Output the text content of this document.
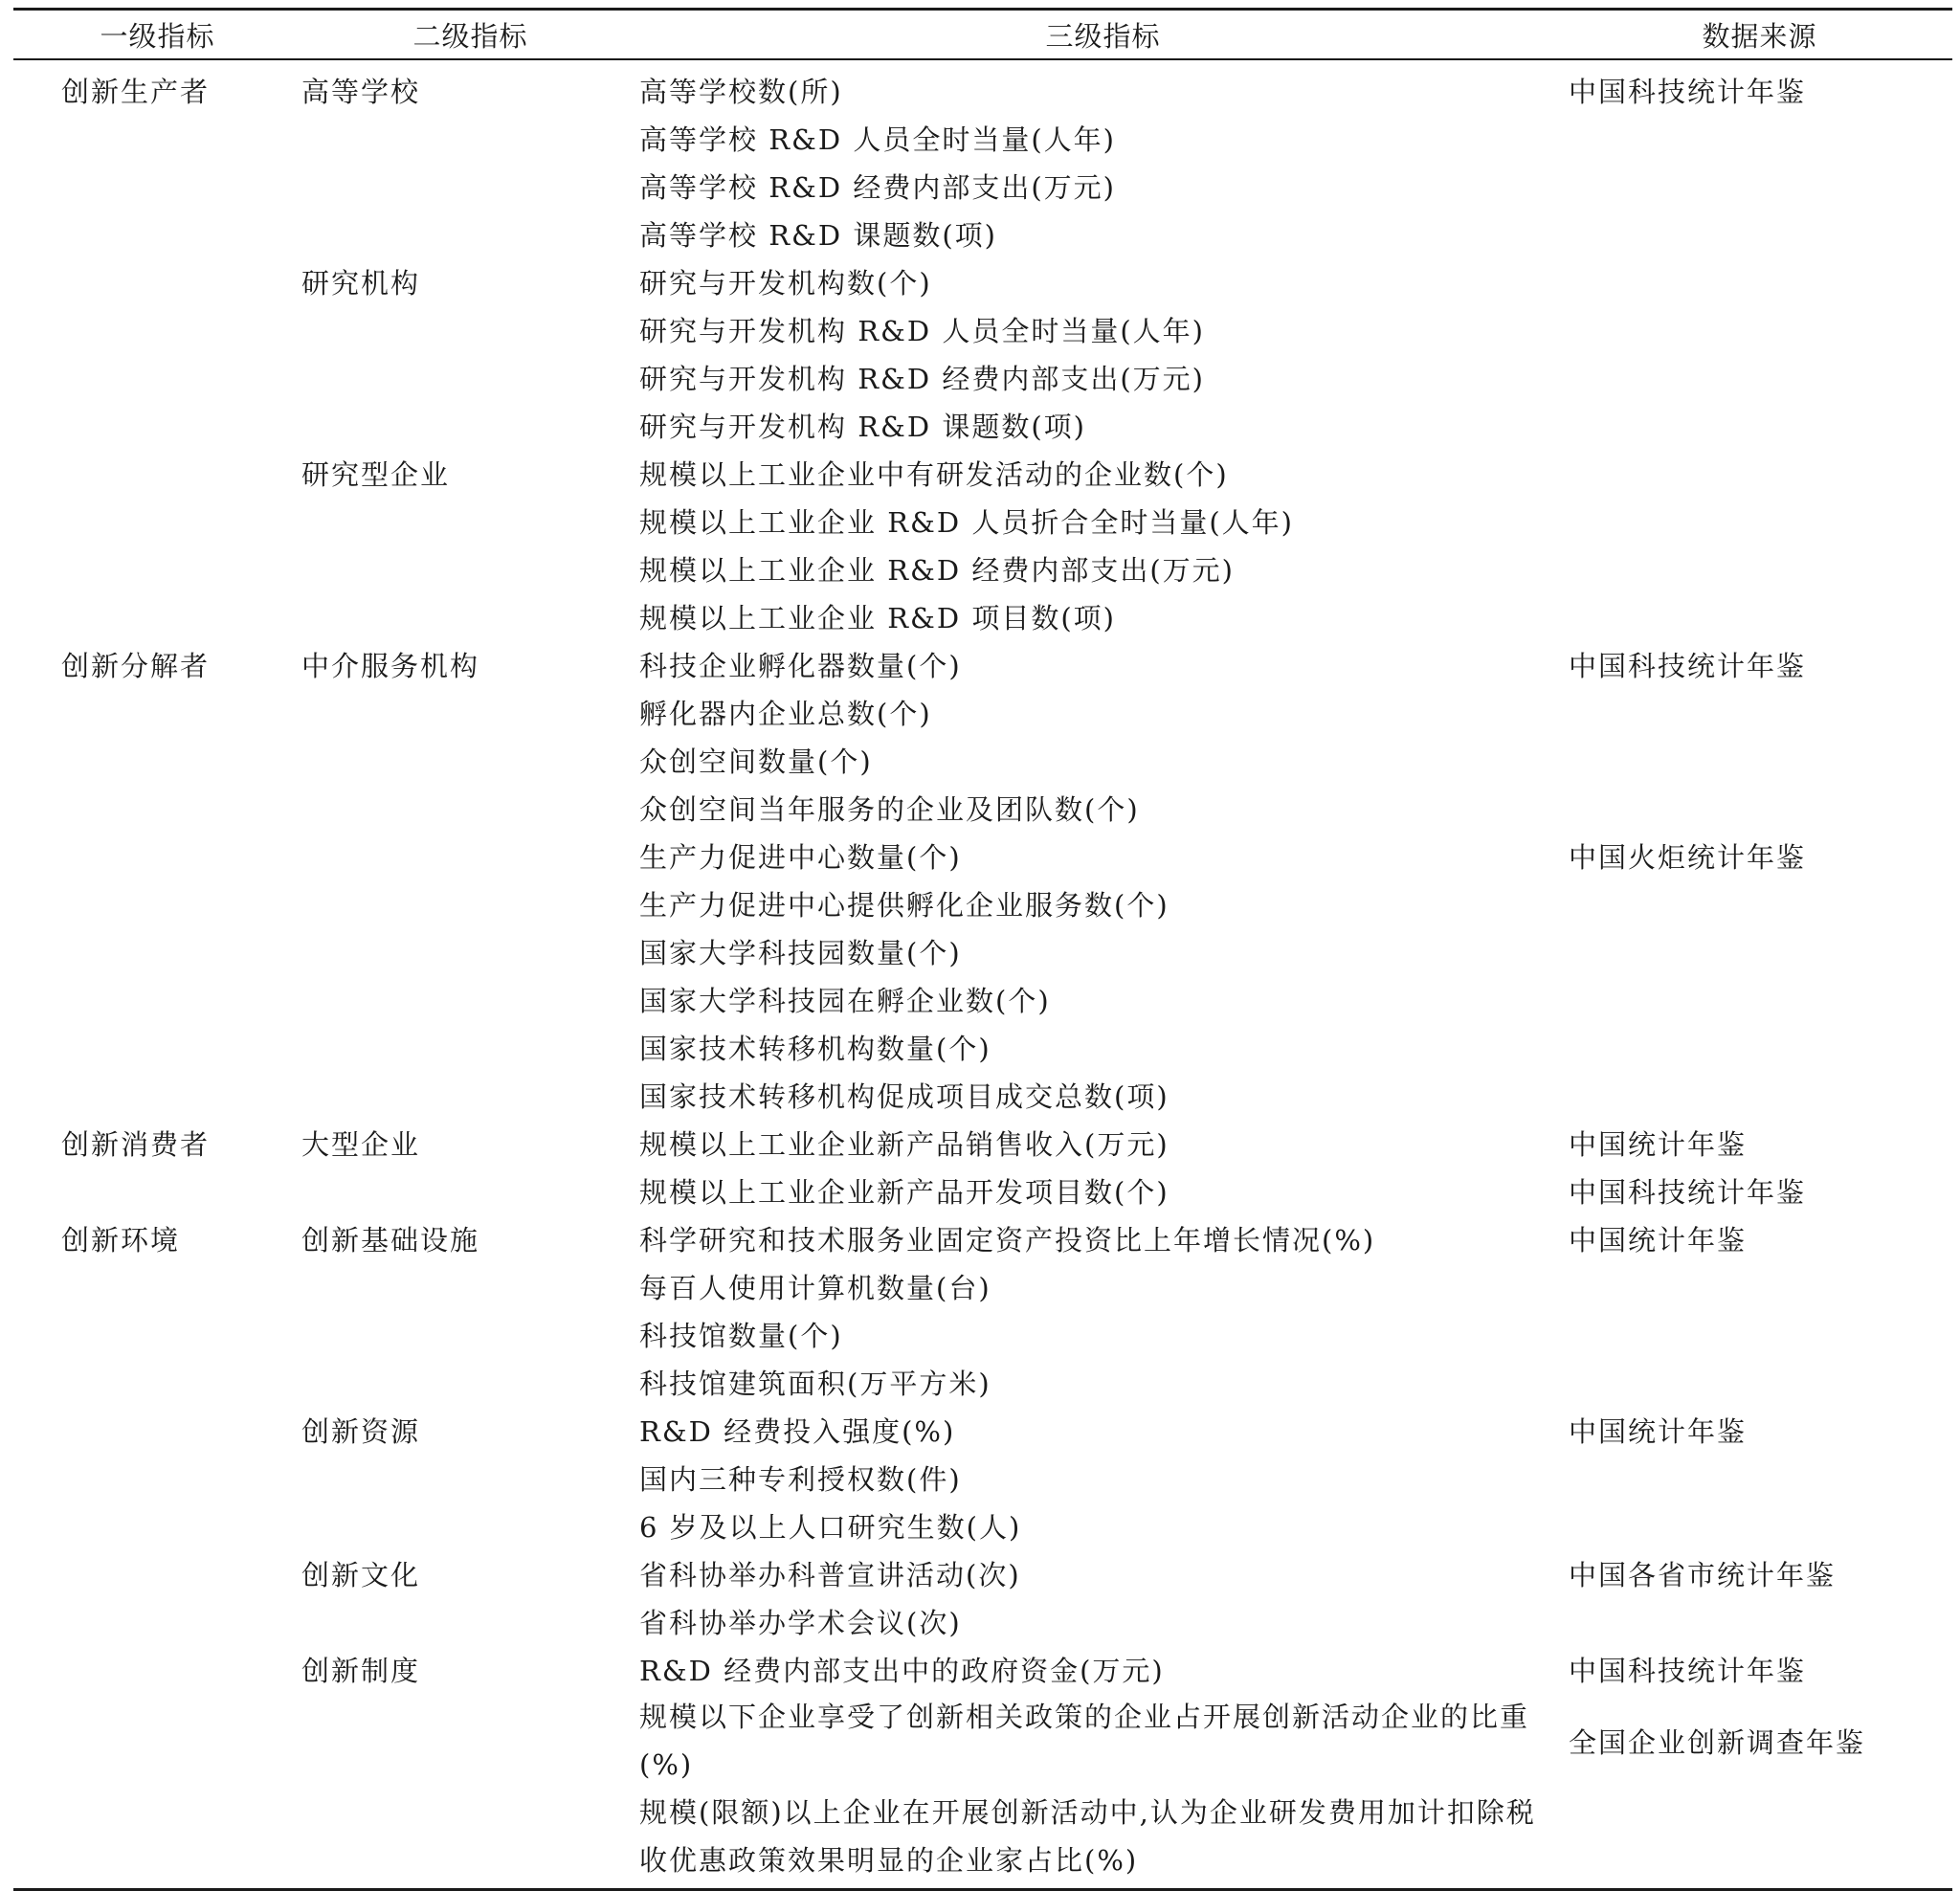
一级指标	二级指标	三级指标	数据来源
创新生产者	高等学校	高等学校数(所)	中国科技统计年鉴
		高等学校 R&D 人员全时当量(人年)	
		高等学校 R&D 经费内部支出(万元)	
		高等学校 R&D 课题数(项)	
	研究机构	研究与开发机构数(个)	
		研究与开发机构 R&D 人员全时当量(人年)	
		研究与开发机构 R&D 经费内部支出(万元)	
		研究与开发机构 R&D 课题数(项)	
	研究型企业	规模以上工业企业中有研发活动的企业数(个)	
		规模以上工业企业 R&D 人员折合全时当量(人年)	
		规模以上工业企业 R&D 经费内部支出(万元)	
		规模以上工业企业 R&D 项目数(项)	
创新分解者	中介服务机构	科技企业孵化器数量(个)	中国科技统计年鉴
		孵化器内企业总数(个)	
		众创空间数量(个)	
		众创空间当年服务的企业及团队数(个)	
		生产力促进中心数量(个)	中国火炬统计年鉴
		生产力促进中心提供孵化企业服务数(个)	
		国家大学科技园数量(个)	
		国家大学科技园在孵企业数(个)	
		国家技术转移机构数量(个)	
		国家技术转移机构促成项目成交总数(项)	
创新消费者	大型企业	规模以上工业企业新产品销售收入(万元)	中国统计年鉴
		规模以上工业企业新产品开发项目数(个)	中国科技统计年鉴
创新环境	创新基础设施	科学研究和技术服务业固定资产投资比上年增长情况(%)	中国统计年鉴
		每百人使用计算机数量(台)	
		科技馆数量(个)	
		科技馆建筑面积(万平方米)	
	创新资源	R&D 经费投入强度(%)	中国统计年鉴
		国内三种专利授权数(件)	
		6 岁及以上人口研究生数(人)	
	创新文化	省科协举办科普宣讲活动(次)	中国各省市统计年鉴
		省科协举办学术会议(次)	
	创新制度	R&D 经费内部支出中的政府资金(万元)	中国科技统计年鉴
		规模以下企业享受了创新相关政策的企业占开展创新活动企业的比重(%)	全国企业创新调查年鉴
		规模(限额)以上企业在开展创新活动中,认为企业研发费用加计扣除税收优惠政策效果明显的企业家占比(%)	
